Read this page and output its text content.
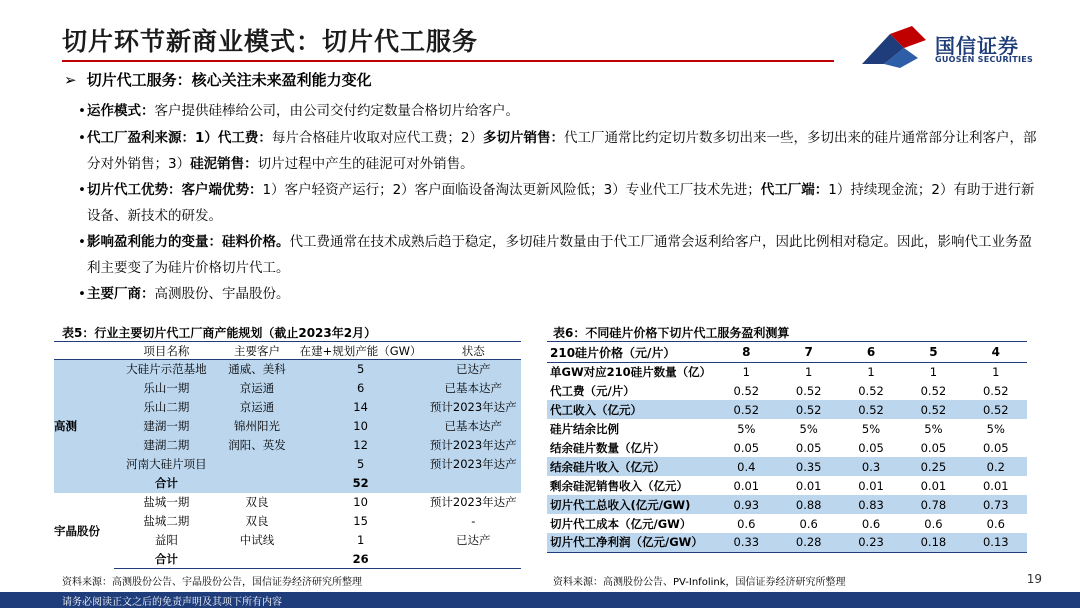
切片环节新商业模式：切片代工服务	国信证券
GUOSEN SECURITIES
➢ 切片代工服务：核心关注未来盈利能力变化
• 运作模式：客户提供硅棒给公司，由公司交付约定数量合格切片给客户。
• 代工厂盈利来源：1）代工费：每片合格硅片收取对应代工费；2）多切片销售：代工厂通常比约定切片数多切出来一些，多切出来的硅片通常部分让利客户，部分对外销售；3）硅泥销售：切片过程中产生的硅泥可对外销售。
• 切片代工优势：客户端优势：1）客户轻资产运行；2）客户面临设备淘汰更新风险低；3）专业代工厂技术先进；代工厂端：1）持续现金流；2）有助于进行新设备、新技术的研发。
• 影响盈利能力的变量：硅料价格。代工费通常在技术成熟后趋于稳定，多切硅片数量由于代工厂通常会返利给客户，因此比例相对稳定。因此，影响代工业务盈利主要变了为硅片价格切片代工。
• 主要厂商：高测股份、宇晶股份。
表5：行业主要切片代工厂商产能规划（截止2023年2月）
	项目名称	主要客户	在建+规划产能（GW）	状态
高测	大硅片示范基地	通威、美科	5	已达产
	乐山一期	京运通	6	已基本达产
	乐山二期	京运通	14	预计2023年达产
	建湖一期	锦州阳光	10	已基本达产
	建湖二期	润阳、英发	12	预计2023年达产
	河南大硅片项目		5	预计2023年达产
	合计		52	
宇晶股份	盐城一期	双良	10	预计2023年达产
	盐城二期	双良	15	-
	益阳	中试线	1	已达产
	合计		26	
资料来源：高测股份公告、宇晶股份公告，国信证券经济研究所整理
表6：不同硅片价格下切片代工服务盈利测算
210硅片价格（元/片）	8	7	6	5	4
单GW对应210硅片数量（亿）	1	1	1	1	1
代工费（元/片）	0.52	0.52	0.52	0.52	0.52
代工收入（亿元）	0.52	0.52	0.52	0.52	0.52
硅片结余比例	5%	5%	5%	5%	5%
结余硅片数量（亿片）	0.05	0.05	0.05	0.05	0.05
结余硅片收入（亿元）	0.4	0.35	0.3	0.25	0.2
剩余硅泥销售收入（亿元）	0.01	0.01	0.01	0.01	0.01
切片代工总收入(亿元/GW)	0.93	0.88	0.83	0.78	0.73
切片代工成本（亿元/GW）	0.6	0.6	0.6	0.6	0.6
切片代工净利润（亿元/GW）	0.33	0.28	0.23	0.18	0.13
资料来源：高测股份公告、PV-Infolink，国信证券经济研究所整理	19
请务必阅读正文之后的免责声明及其项下所有内容
